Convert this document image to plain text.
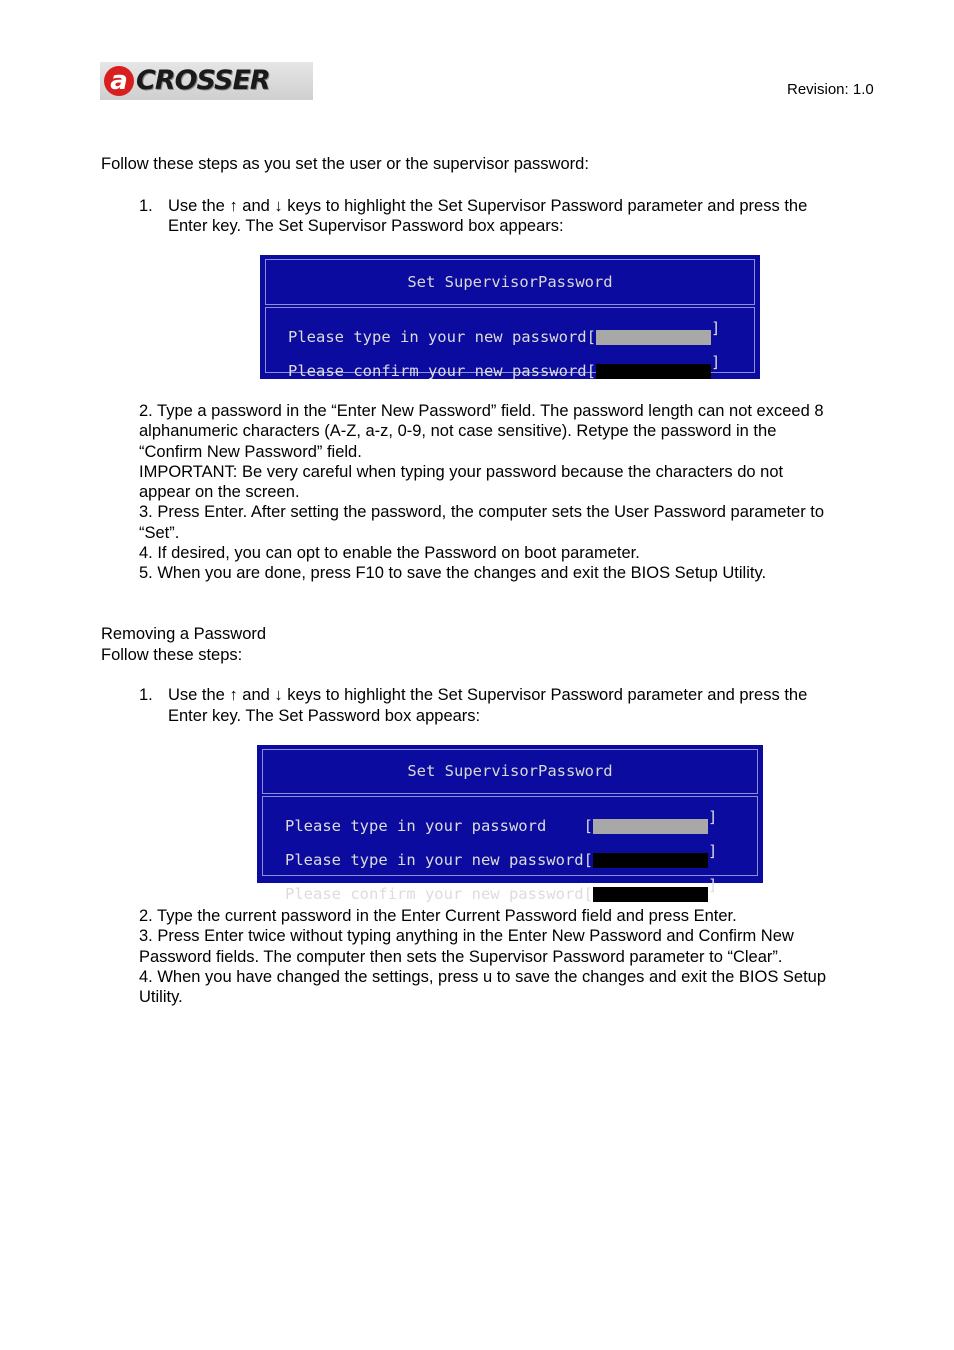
a CROSSER	Revision: 1.0
Follow these steps as you set the user or the supervisor password:
1. Use the ↑ and ↓ keys to highlight the Set Supervisor Password parameter and press the
Enter key. The Set Supervisor Password box appears:
Set SupervisorPassword
Please type in your new password [	]

Please confirm your new password [	]

2. Type a password in the “Enter New Password” field. The password length can not exceed 8
alphanumeric characters (A-Z, a-z, 0-9, not case sensitive). Retype the password in the
“Confirm New Password” field.
IMPORTANT: Be very careful when typing your password because the characters do not
appear on the screen.
3. Press Enter. After setting the password, the computer sets the User Password parameter to
“Set”.
4. If desired, you can opt to enable the Password on boot parameter.
5. When you are done, press F10 to save the changes and exit the BIOS Setup Utility.
Removing a Password
Follow these steps:
1. Use the ↑ and ↓ keys to highlight the Set Supervisor Password parameter and press the
Enter key. The Set Password box appears:
Set SupervisorPassword
Please type in your password [	]

Please type in your new password [	]

Please confirm your new password [	]

2. Type the current password in the Enter Current Password field and press Enter.
3. Press Enter twice without typing anything in the Enter New Password and Confirm New
Password fields. The computer then sets the Supervisor Password parameter to “Clear”.
4. When you have changed the settings, press u to save the changes and exit the BIOS Setup
Utility.
